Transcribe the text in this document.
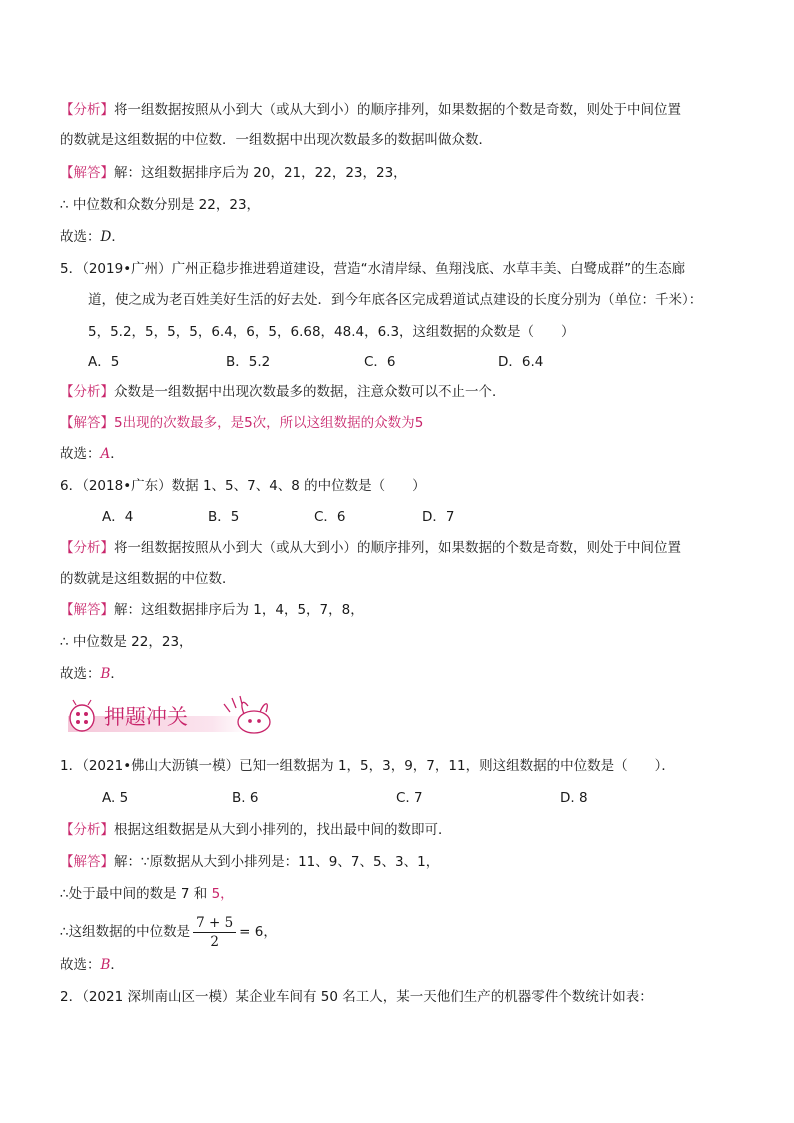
【分析】将一组数据按照从小到大（或从大到小）的顺序排列，如果数据的个数是奇数，则处于中间位置
的数就是这组数据的中位数．一组数据中出现次数最多的数据叫做众数．
【解答】解：这组数据排序后为 20，21，22，23，23，
∴ 中位数和众数分别是 22，23，
故选：D．
5．（2019•广州）广州正稳步推进碧道建设，营造“水清岸绿、鱼翔浅底、水草丰美、白鹭成群”的生态廊
道，使之成为老百姓美好生活的好去处．到今年底各区完成碧道试点建设的长度分别为（单位：千米）：
5，5.2，5，5，5，6.4，6，5，6.68，48.4，6.3，这组数据的众数是（　　）
A．5	B．5.2	C．6	D．6.4
【分析】众数是一组数据中出现次数最多的数据，注意众数可以不止一个．
【解答】5出现的次数最多，是5次，所以这组数据的众数为5
故选：A．
6．（2018•广东）数据 1、5、7、4、8 的中位数是（　　）
A．4	B．5	C．6	D．7
【分析】将一组数据按照从小到大（或从大到小）的顺序排列，如果数据的个数是奇数，则处于中间位置
的数就是这组数据的中位数．
【解答】解：这组数据排序后为 1，4，5，7，8，
∴ 中位数是 22，23，
故选：B．
押题冲关
1．（2021•佛山大沥镇一模）已知一组数据为 1，5，3，9，7，11，则这组数据的中位数是（　　）．
A. 5	B. 6	C. 7	D. 8
【分析】根据这组数据是从大到小排列的，找出最中间的数即可．
【解答】解：∵原数据从大到小排列是：11、9、7、5、3、1，
∴处于最中间的数是 7 和 5，
∴这组数据的中位数是 $\frac{7 + 5}{2} = 6$，
故选：B．
2．（2021 深圳南山区一模）某企业车间有 50 名工人，某一天他们生产的机器零件个数统计如表：
